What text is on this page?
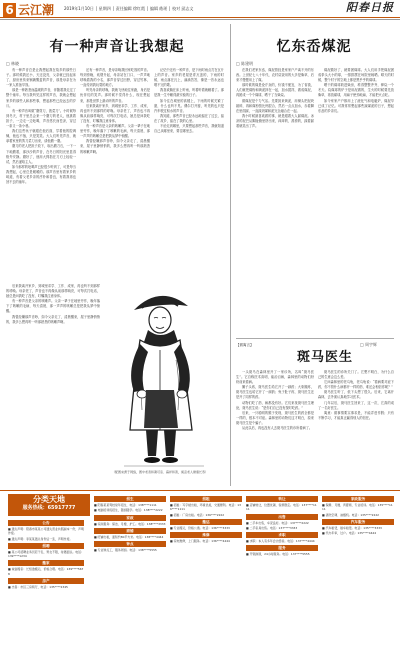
6 云江潮 2019年1月10日 │ 星期四 │ 责任编辑 徐红霞 │ 编辑 皓瑶 │ 校对 邱志文	阳春日报
有一种声音让我想起
□ 林晓

有一种声音总是让我想起我在故乡的那些日子。那时候我还小，天还没亮，父亲就已经起床了，厨房里传来锅碗瓢盆的声音，那是母亲在为一家人准备早饭。

那是一种熟悉而温暖的声音，伴随着我走过了整个童年。每当我听见这样的声音，我就会想起家乡的那些人和那些事，想起那些已经远去的岁月。

有一种声音叫做“磨剪刀，戗菜刀”。小时候每到冬天，村子里总会来一个磨刀的老人，他挑着担子，一边走一边吆喝，声音悠长而苍凉，穿过一条又一条小巷。

我们这些孩子就跟在他后面，学着他的腔调喊，他也不恼，只是笑笑。大人们听见声音，就拿着家里的剪刀菜刀出来，请他磨一磨。

磨刀的老人把担子放下，取出磨刀石，一下一下地磨着，那沙沙的声音，在冬日的阳光里显得格外安静。磨好了，他用大拇指在刀刃上轻轻一试，然后递给主人。

如今那样的吆喝声已经很少听到了，可是每当我想起，心里总是暖暖的。那声音里有着家乡的味道，有着父老乡亲的淳朴和善良，有着我再也回不去的童年。

还有一种声音，是母亲唤我回家吃饭的声音。每到傍晚，炊烟升起，母亲站在门口，一声声地呼唤着我的小名，那声音穿过田野，穿过竹林，一直传到我玩耍的地方。

听见母亲的呼唤，我就飞快地往家跑，身后是伙伴们的笑声。那时候不觉得什么，现在想起来，那是世界上最动听的声音。

后来我离开家乡，到城里求学、工作、成家，再也听不到那样的呼唤。母亲老了，声音也不再像从前那样响亮，可每次打电话，她总是问我吃了没有，叮嘱我注意身体。

有一种声音是父亲的咳嗽声。父亲一辈子在地里劳作，晚年落下了咳嗽的毛病，每天清晨，那一声声的咳嗽总是把我从梦中惊醒。

我曾经嫌那声音吵，如今父亲走了，清晨醒来，屋子里静悄悄的，我多么想再听一听那熟悉的咳嗽声啊。

记忆中还有一种声音，是下雨时雨点打在瓦片上的声音。家乡的老屋是青瓦盖的，下雨的时候，雨点落在瓦上，滴滴答答，像是一首永远也唱不完的歌。

我喜欢躺在床上听雨，听着听着就睡着了。那是我一生中睡得最安稳的日子。

如今住在城里的高楼上，下雨的时候关紧了窗，什么也听不见。偶尔打开窗，听见的也只是汽车驶过积水的声音。

我知道，那些声音已经永远地留在了过去，留在了故乡，留在了我的心里。

不论走到哪里，只要想起那些声音，我就知道自己从哪里来，要往哪里去。

后来我离开家乡，到城里求学、工作、成家，再也听不到那样的呼唤。母亲老了，声音也不再像从前那样响亮，可每次打电话，她总是问我吃了没有，叮嘱我注意身体。

有一种声音是父亲的咳嗽声。父亲一辈子在地里劳作，晚年落下了咳嗽的毛病，每天清晨，那一声声的咳嗽总是把我从梦中惊醒。

我曾经嫌那声音吵，如今父亲走了，清晨醒来，屋子里静悄悄的，我多么想再听一听那熟悉的咳嗽声啊。

（配图来源于网络，图中老者和蔼可亲、慈祥和善，寓意老人健康长寿）
忆东岙煤泥
□ 陈建明

在我们老家东岙，煤泥曾经是家家户户离不开的东西。上世纪七八十年代，农村烧饭用的大多是柴草，后来才慢慢用上了煤。

那时候的煤是论斤卖的，价钱不便宜，为了省钱，人们就把煤粉和黄泥掺在一起，加水搅拌，做成煤泥，再团成一个个煤球，晒干了当柴烧。

做煤泥是个力气活。先要挑来黄泥，用锄头把泥块敲碎，再和煤粉按比例混合，然后一点点加水，赤着脚在里面踩，一直踩到煤和泥完全融合在一起。

我小时候最喜欢做的事，就是跟着大人踩煤泥。冰凉的泥巴从脚趾缝里挤出来，痒痒的，滑滑的，踩着踩着就笑出了声。

煤泥做好了，就要团煤球。大人们用手把煤泥团成拳头大小的球，一排排摆在场院里晾晒。晴天的时候，整个村子的空地上都是黑乎乎的煤球。

晒干的煤球收进柴房，堆得整整齐齐，够烧一个冬天。烧煤球的炉子是用泥做的，生火的时候要先放柴草，再放煤球，用扇子使劲地扇，才能把火点旺。

如今家家户户都用上了液化气和电磁炉，煤泥早已成了记忆。可我常常想起那些踩煤泥的日子，想起东岙的乡亲们。

【微寓言】	□ 周宇辉
斑马医生

一头斑马在森林里开了一家诊所，名叫“斑马医生”。它自称医术高明，能治百病，森林里的动物们纷纷前来看病。

狮子头疼，斑马医生给它开了一副药；大象腿疼，斑马医生也给它开了一副药；兔子肚子疼，斑马医生还是开了同样的药。

动物们吃了药，病都没有好。它们来找斑马医生理论，斑马医生说：“是你们自己没有按时吃药。”

后来，一只聪明的猴子发现，斑马医生的药全都是一样的，根本不对症。森林里的动物们这才明白，原来斑马医生是个骗子。

从此以后，再也没有人去斑马医生的诊所看病了。

斑马医生的诊所关门了。它想不明白，为什么自己的生意会这么差。

它问森林里的老乌龟，老乌龟说：“看病要对症下药，你不管什么病都开一样的药，谁还会相信你呢？”

斑马医生听了，低下头想了很久。后来，它离开森林，去外面认真地学习医术。

几年以后，斑马医生回来了，这一次，它真的成了一名好医生。

寓意：做事情要实事求是，不能弄虚作假；只有不断学习，才能真正赢得别人的信任。

分类天地
服务热线：65917777
公告
■ 遗失声明：阳春市某某公司遗失营业执照副本一份，声明作废。
■ 遗失声明：李某某遗失身份证一张，声明作废。
招聘
■ 某公司招聘业务员若干名，男女不限，待遇面议。电话：139****1234
搬家
■ 诚信搬家：长短途搬运，价格合理。电话：139****5678
房产
■ 出售：市区三房两厅，电话：135****2345
招生
■ 阳春某某驾校常年招生，电话：138****1111
■ 电脑培训班招生，随到随学。电话：138****2222
家政
■ 家政服务：保洁、月嫂、护工。电话：138****3333
商铺
■ 旺铺出租，面积约80平方米。电话：138****4444
钟点
■ 专业钟点工，服务周到。电话：138****5555
招租
■ 招租：写字楼出租，环境优美，交通便利。电话：136****1111
■ 招租：厂房出租。电话：136****2222
搬运
■ 专业搬运，价格公道。电话：136****3333
维修
■ 家电维修，上门服务。电话：136****4444
转让
■ 店铺转让，位置优越，客源稳定。电话：137****1111
出售
■ 二手车出售，车况良好。电话：137****2222
■ 二手家具出售。电话：137****3333
求职
■ 求职：本人有多年会计经验。电话：137****4444
服务
■ 开锁换锁，24小时服务。电话：137****5555
家政服务
■ 保姆、月嫂、育婴师，专业培训。电话：135****1111
■ 清洗空调、油烟机。电话：135****2222
汽车服务
■ 汽车租赁，婚车租赁。电话：135****3333
■ 代办年审，过户。电话：135****4444
